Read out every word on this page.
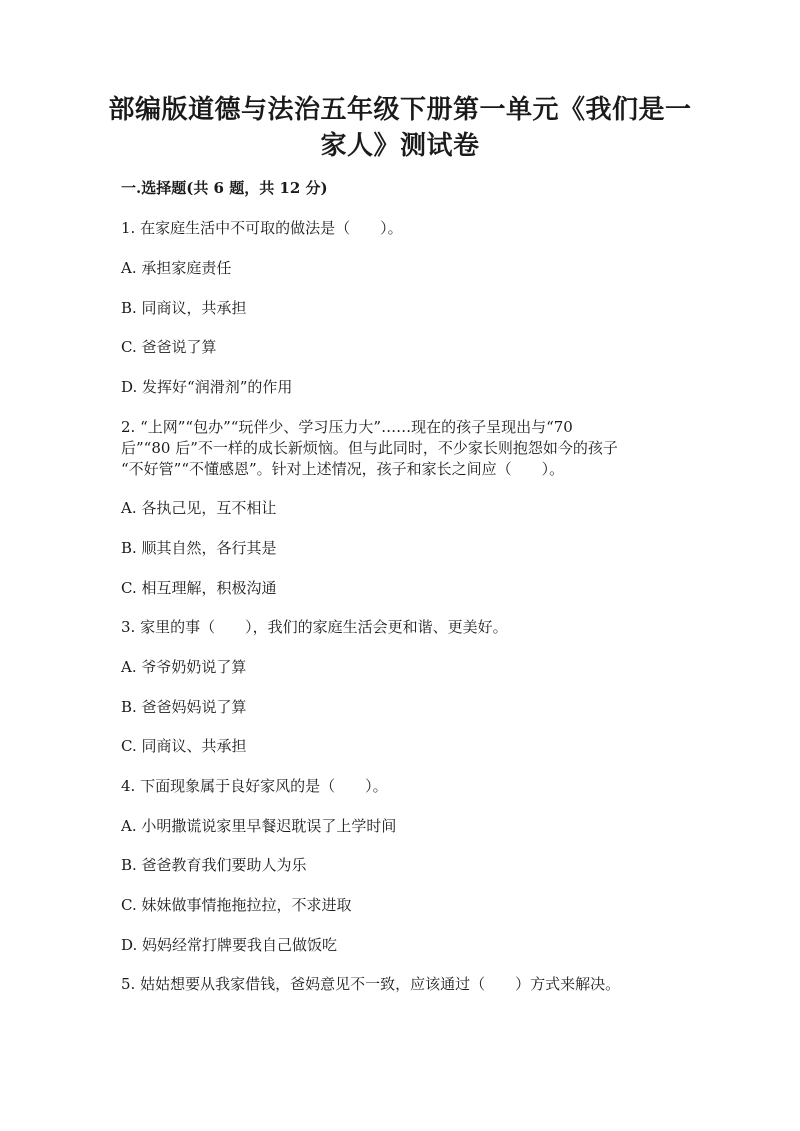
部编版道德与法治五年级下册第一单元《我们是一
家人》测试卷
一.选择题(共 6 题，共 12 分)
1. 在家庭生活中不可取的做法是（　　）。
A. 承担家庭责任
B. 同商议，共承担
C. 爸爸说了算
D. 发挥好“润滑剂”的作用
2. “上网”“包办”“玩伴少、学习压力大”……现在的孩子呈现出与“70
后”“80 后”不一样的成长新烦恼。但与此同时，不少家长则抱怨如今的孩子
“不好管”“不懂感恩”。针对上述情况，孩子和家长之间应（　　）。
A. 各执己见，互不相让
B. 顺其自然，各行其是
C. 相互理解，积极沟通
3. 家里的事（　　），我们的家庭生活会更和谐、更美好。
A. 爷爷奶奶说了算
B. 爸爸妈妈说了算
C. 同商议、共承担
4. 下面现象属于良好家风的是（　　）。
A. 小明撒谎说家里早餐迟耽误了上学时间
B. 爸爸教育我们要助人为乐
C. 妹妹做事情拖拖拉拉，不求进取
D. 妈妈经常打牌要我自己做饭吃
5. 姑姑想要从我家借钱，爸妈意见不一致，应该通过（　　）方式来解决。
